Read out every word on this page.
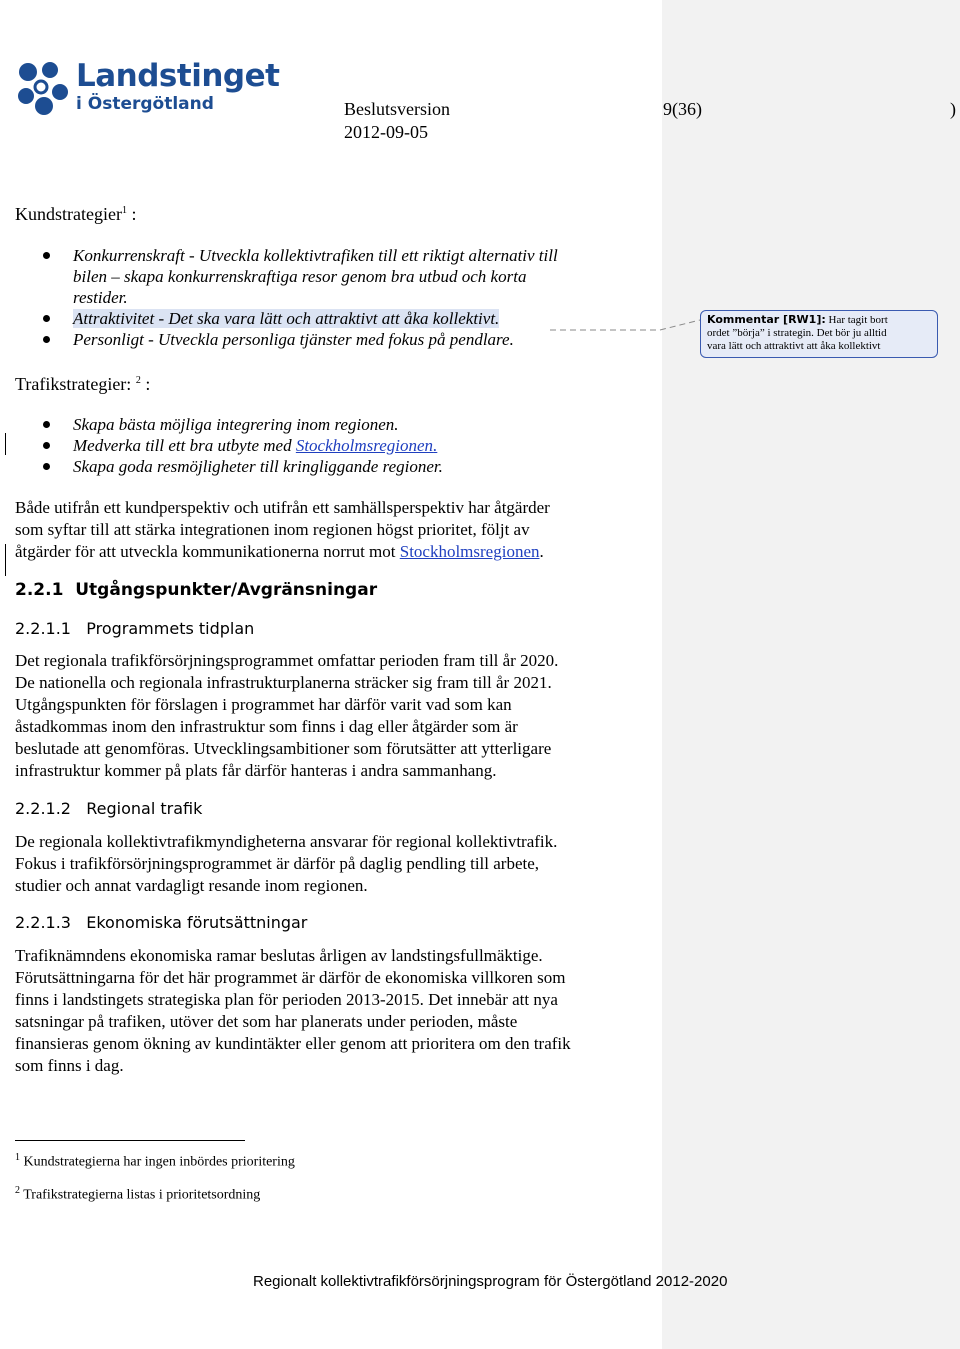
Landstinget
i Östergötland	Beslutsversion	9(36)	)
2012-09-05
Kundstrategier$^1$ :
Konkurrenskraft - Utveckla kollektivtrafiken till ett riktigt alternativ till
bilen – skapa konkurrenskraftiga resor genom bra utbud och korta
restider.
Attraktivitet - Det ska vara lätt och attraktivt att åka kollektivt.
Personligt - Utveckla personliga tjänster med fokus på pendlare.
Kommentar [RW1]: Har tagit bort
ordet ”börja” i strategin. Det bör ju alltid
vara lätt och attraktivt att åka kollektivt
Trafikstrategier: $^2$ :
Skapa bästa möjliga integrering inom regionen.
Medverka till ett bra utbyte med Stockholmsregionen.
Skapa goda resmöjligheter till kringliggande regioner.
Både utifrån ett kundperspektiv och utifrån ett samhällsperspektiv har åtgärder
som syftar till att stärka integrationen inom regionen högst prioritet, följt av
åtgärder för att utveckla kommunikationerna norrut mot Stockholmsregionen.
2.2.1 Utgångspunkter/Avgränsningar
2.2.1.1 Programmets tidplan
Det regionala trafikförsörjningsprogrammet omfattar perioden fram till år 2020.
De nationella och regionala infrastrukturplanerna sträcker sig fram till år 2021.
Utgångspunkten för förslagen i programmet har därför varit vad som kan
åstadkommas inom den infrastruktur som finns i dag eller åtgärder som är
beslutade att genomföras. Utvecklingsambitioner som förutsätter att ytterligare
infrastruktur kommer på plats får därför hanteras i andra sammanhang.
2.2.1.2 Regional trafik
De regionala kollektivtrafikmyndigheterna ansvarar för regional kollektivtrafik.
Fokus i trafikförsörjningsprogrammet är därför på daglig pendling till arbete,
studier och annat vardagligt resande inom regionen.
2.2.1.3 Ekonomiska förutsättningar
Trafiknämndens ekonomiska ramar beslutas årligen av landstingsfullmäktige.
Förutsättningarna för det här programmet är därför de ekonomiska villkoren som
finns i landstingets strategiska plan för perioden 2013-2015. Det innebär att nya
satsningar på trafiken, utöver det som har planerats under perioden, måste
finansieras genom ökning av kundintäkter eller genom att prioritera om den trafik
som finns i dag.
$^1$ Kundstrategierna har ingen inbördes prioritering
$^2$ Trafikstrategierna listas i prioritetsordning
Regionalt kollektivtrafikförsörjningsprogram för Östergötland 2012-2020
